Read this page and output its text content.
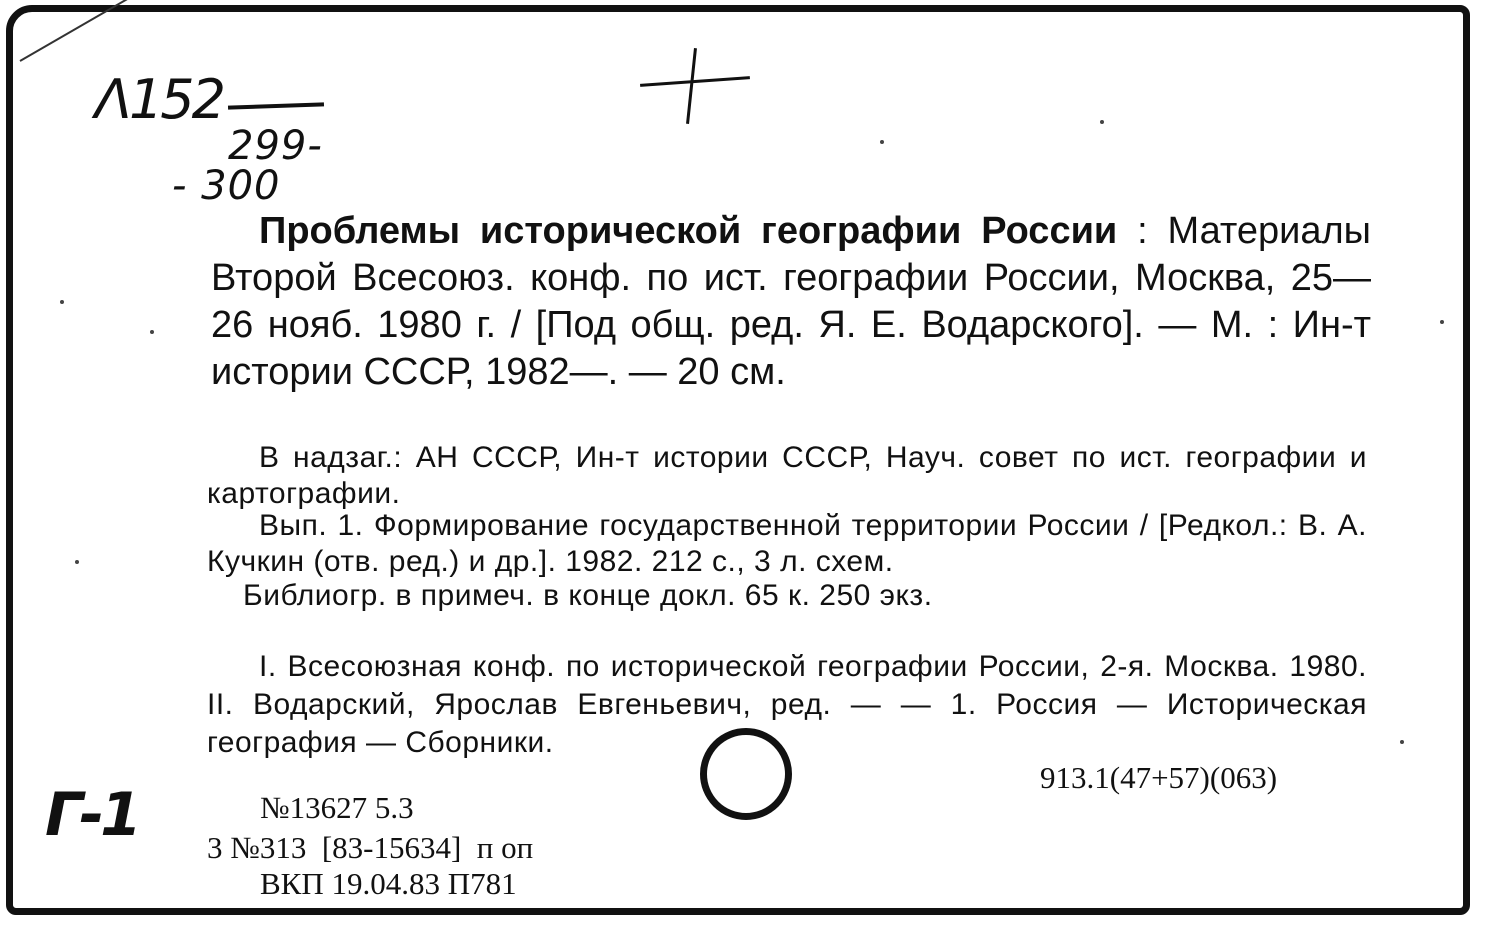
Λ152
299-
- 300
Проблемы исторической географии России : Материалы Второй Всесоюз. конф. по ист. географии России, Москва, 25—26 нояб. 1980 г. / [Под общ. ред. Я. Е. Водарского]. — М. : Ин-т истории СССР, 1982—. — 20 см.
В надзаг.: АН СССР, Ин-т истории СССР, Науч. совет по ист. географии и картографии.
Вып. 1. Формирование государственной территории России / [Редкол.: В. А. Кучкин (отв. ред.) и др.]. 1982. 212 с., 3 л. схем.
Библиогр. в примеч. в конце докл. 65 к. 250 экз.
I. Всесоюзная конф. по исторической географии России, 2-я. Москва. 1980. II. Водарский, Ярослав Евгеньевич, ред. — — 1. Россия — Историческая география — Сборники.
913.1(47+57)(063)
№13627 5.3
3 №313  [83-15634]  п оп
ВКП 19.04.83 П781
Γ-1
